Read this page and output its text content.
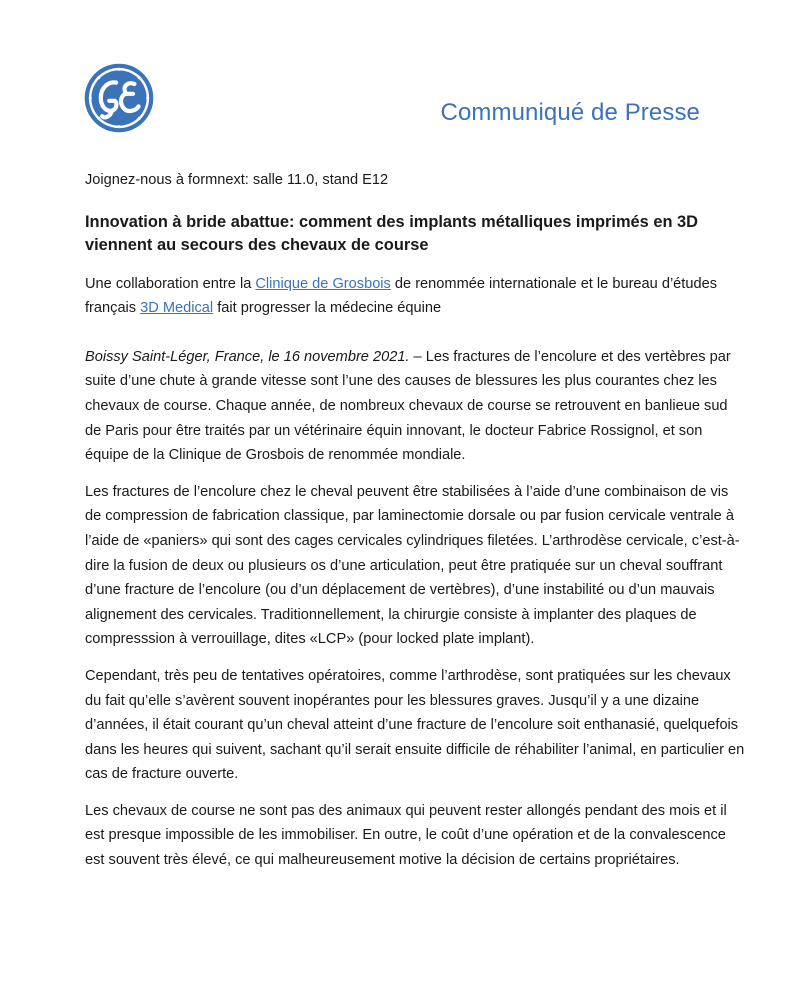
Communiqué de Presse

Joignez-nous à formnext: salle 11.0, stand E12

Innovation à bride abattue: comment des implants métalliques imprimés en 3D viennent au secours des chevaux de course

Une collaboration entre la Clinique de Grosbois de renommée internationale et le bureau d’études français 3D Medical fait progresser la médecine équine

Boissy Saint-Léger, France, le 16 novembre 2021. – Les fractures de l’encolure et des vertèbres par suite d’une chute à grande vitesse sont l’une des causes de blessures les plus courantes chez les chevaux de course. Chaque année, de nombreux chevaux de course se retrouvent en banlieue sud de Paris pour être traités par un vétérinaire équin innovant, le docteur Fabrice Rossignol, et son équipe de la Clinique de Grosbois de renommée mondiale.

Les fractures de l’encolure chez le cheval peuvent être stabilisées à l’aide d’une combinaison de vis de compression de fabrication classique, par laminectomie dorsale ou par fusion cervicale ventrale à l’aide de «paniers» qui sont des cages cervicales cylindriques filetées. L’arthrodèse cervicale, c’est-à-dire la fusion de deux ou plusieurs os d’une articulation, peut être pratiquée sur un cheval souffrant d’une fracture de l’encolure (ou d’un déplacement de vertèbres), d’une instabilité ou d’un mauvais alignement des cervicales. Traditionnellement, la chirurgie consiste à implanter des plaques de compresssion à verrouillage, dites «LCP» (pour locked plate implant).

Cependant, très peu de tentatives opératoires, comme l’arthrodèse, sont pratiquées sur les chevaux du fait qu’elle s’avèrent souvent inopérantes pour les blessures graves. Jusqu’il y a une dizaine d’années, il était courant qu’un cheval atteint d’une fracture de l’encolure soit enthanasié, quelquefois dans les heures qui suivent, sachant qu’il serait ensuite difficile de réhabiliter l’animal, en particulier en cas de fracture ouverte.

Les chevaux de course ne sont pas des animaux qui peuvent rester allongés pendant des mois et il est presque impossible de les immobiliser. En outre, le coût d’une opération et de la convalescence est souvent très élevé, ce qui malheureusement motive la décision de certains propriétaires.
